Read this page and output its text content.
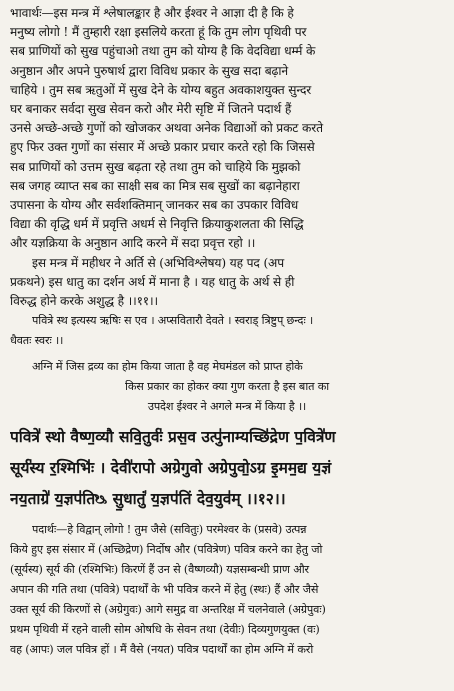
भावार्थः—इस मन्त्र में श्लेषालङ्कार है और ईश्वर ने आज्ञा दी है कि हे
मनुष्य लोगो ! मैं तुम्हारी रक्षा इसलिये करता हूं कि तुम लोग पृथिवी पर
सब प्राणियों को सुख पहुंचाओ तथा तुम को योग्य है कि वेदविद्या धर्म्म के
अनुष्ठान और अपने पुरुषार्थ द्वारा विविध प्रकार के सुख सदा बढ़ाने
चाहिये । तुम सब ऋतुओं में सुख देने के योग्य बहुत अवकाशयुक्त सुन्दर
घर बनाकर सर्वदा सुख सेवन करो और मेरी सृष्टि में जितने पदार्थ हैं
उनसे अच्छे-अच्छे गुणों को खोजकर अथवा अनेक विद्याओं को प्रकट करते
हुए फिर उक्त गुणों का संसार में अच्छे प्रकार प्रचार करते रहो कि जिससे
सब प्राणियों को उत्तम सुख बढ़ता रहे तथा तुम को चाहिये कि मुझको
सब जगह व्याप्त सब का साक्षी सब का मित्र सब सुखों का बढ़ानेहारा
उपासना के योग्य और सर्वशक्तिमान् जानकर सब का उपकार विविध
विद्या की वृद्धि धर्म में प्रवृत्ति अधर्म से निवृत्ति क्रियाकुशलता की सिद्धि
और यज्ञक्रिया के अनुष्ठान आदि करने में सदा प्रवृत्त रहो ।।
इस मन्त्र में महीधर ने अर्ति से (अभिविश्लेषय) यह पद (अप
प्रकथने) इस धातु का दर्शन अर्थ में माना है । यह धातु के अर्थ से ही
विरुद्ध होने करके अशुद्ध है ।।११।।
पवित्रे स्थ इत्यस्य ऋषिः स एव । अप्सवितारौ देवते । स्वराड् त्रिष्टुप् छन्दः ।
धैवतः स्वरः ।।
अग्नि में जिस द्रव्य का होम किया जाता है वह मेघमंडल को प्राप्त होके
किस प्रकार का होकर क्या गुण करता है इस बात का
उपदेश ईश्वर ने अगले मन्त्र में किया है ।।
पवित्रे॑ स्थो वैष्ण॒व्यौ सवि॒तुर्वः॑ प्रस॒व उत्पु॑नाम्यच्छि॑द्रेण प॒वित्रे॑ण
सूर्य॑स्य र॒श्मिभिः॑ । देवी॑रापो अग्रेगुवो अग्रेपुवो॒ऽग्र इ॒मम॒द्य य॒ज्ञं
नय॒ताग्रे॑ य॒ज्ञप॑तिᳬ सु॒धातुं॑ य॒ज्ञप॑तिं देव॒युव॑म् ।।१२।।
पदार्थः—हे विद्वान् लोगो ! तुम जैसे (सवितुः) परमेश्वर के (प्रसवे) उत्पन्न
किये हुए इस संसार में (अच्छिद्रेण) निर्दोष और (पवित्रेण) पवित्र करने का हेतु जो
(सूर्यस्य) सूर्य की (रश्मिभिः) किरणें हैं उन से (वैष्णव्यौ) यज्ञसम्बन्धी प्राण और
अपान की गति तथा (पवित्रे) पदार्थों के भी पवित्र करने में हेतु (स्थः) हैं और जैसे
उक्त सूर्य की किरणों से (अग्रेगुवः) आगे समुद्र वा अन्तरिक्ष में चलनेवाले (अग्रेपुवः)
प्रथम पृथिवी में रहने वाली सोम ओषधि के सेवन तथा (देवीः) दिव्यगुणयुक्त (वः)
वह (आपः) जल पवित्र हों । मैं वैसे (नयत) पवित्र पदार्थों का होम अग्नि में करो
